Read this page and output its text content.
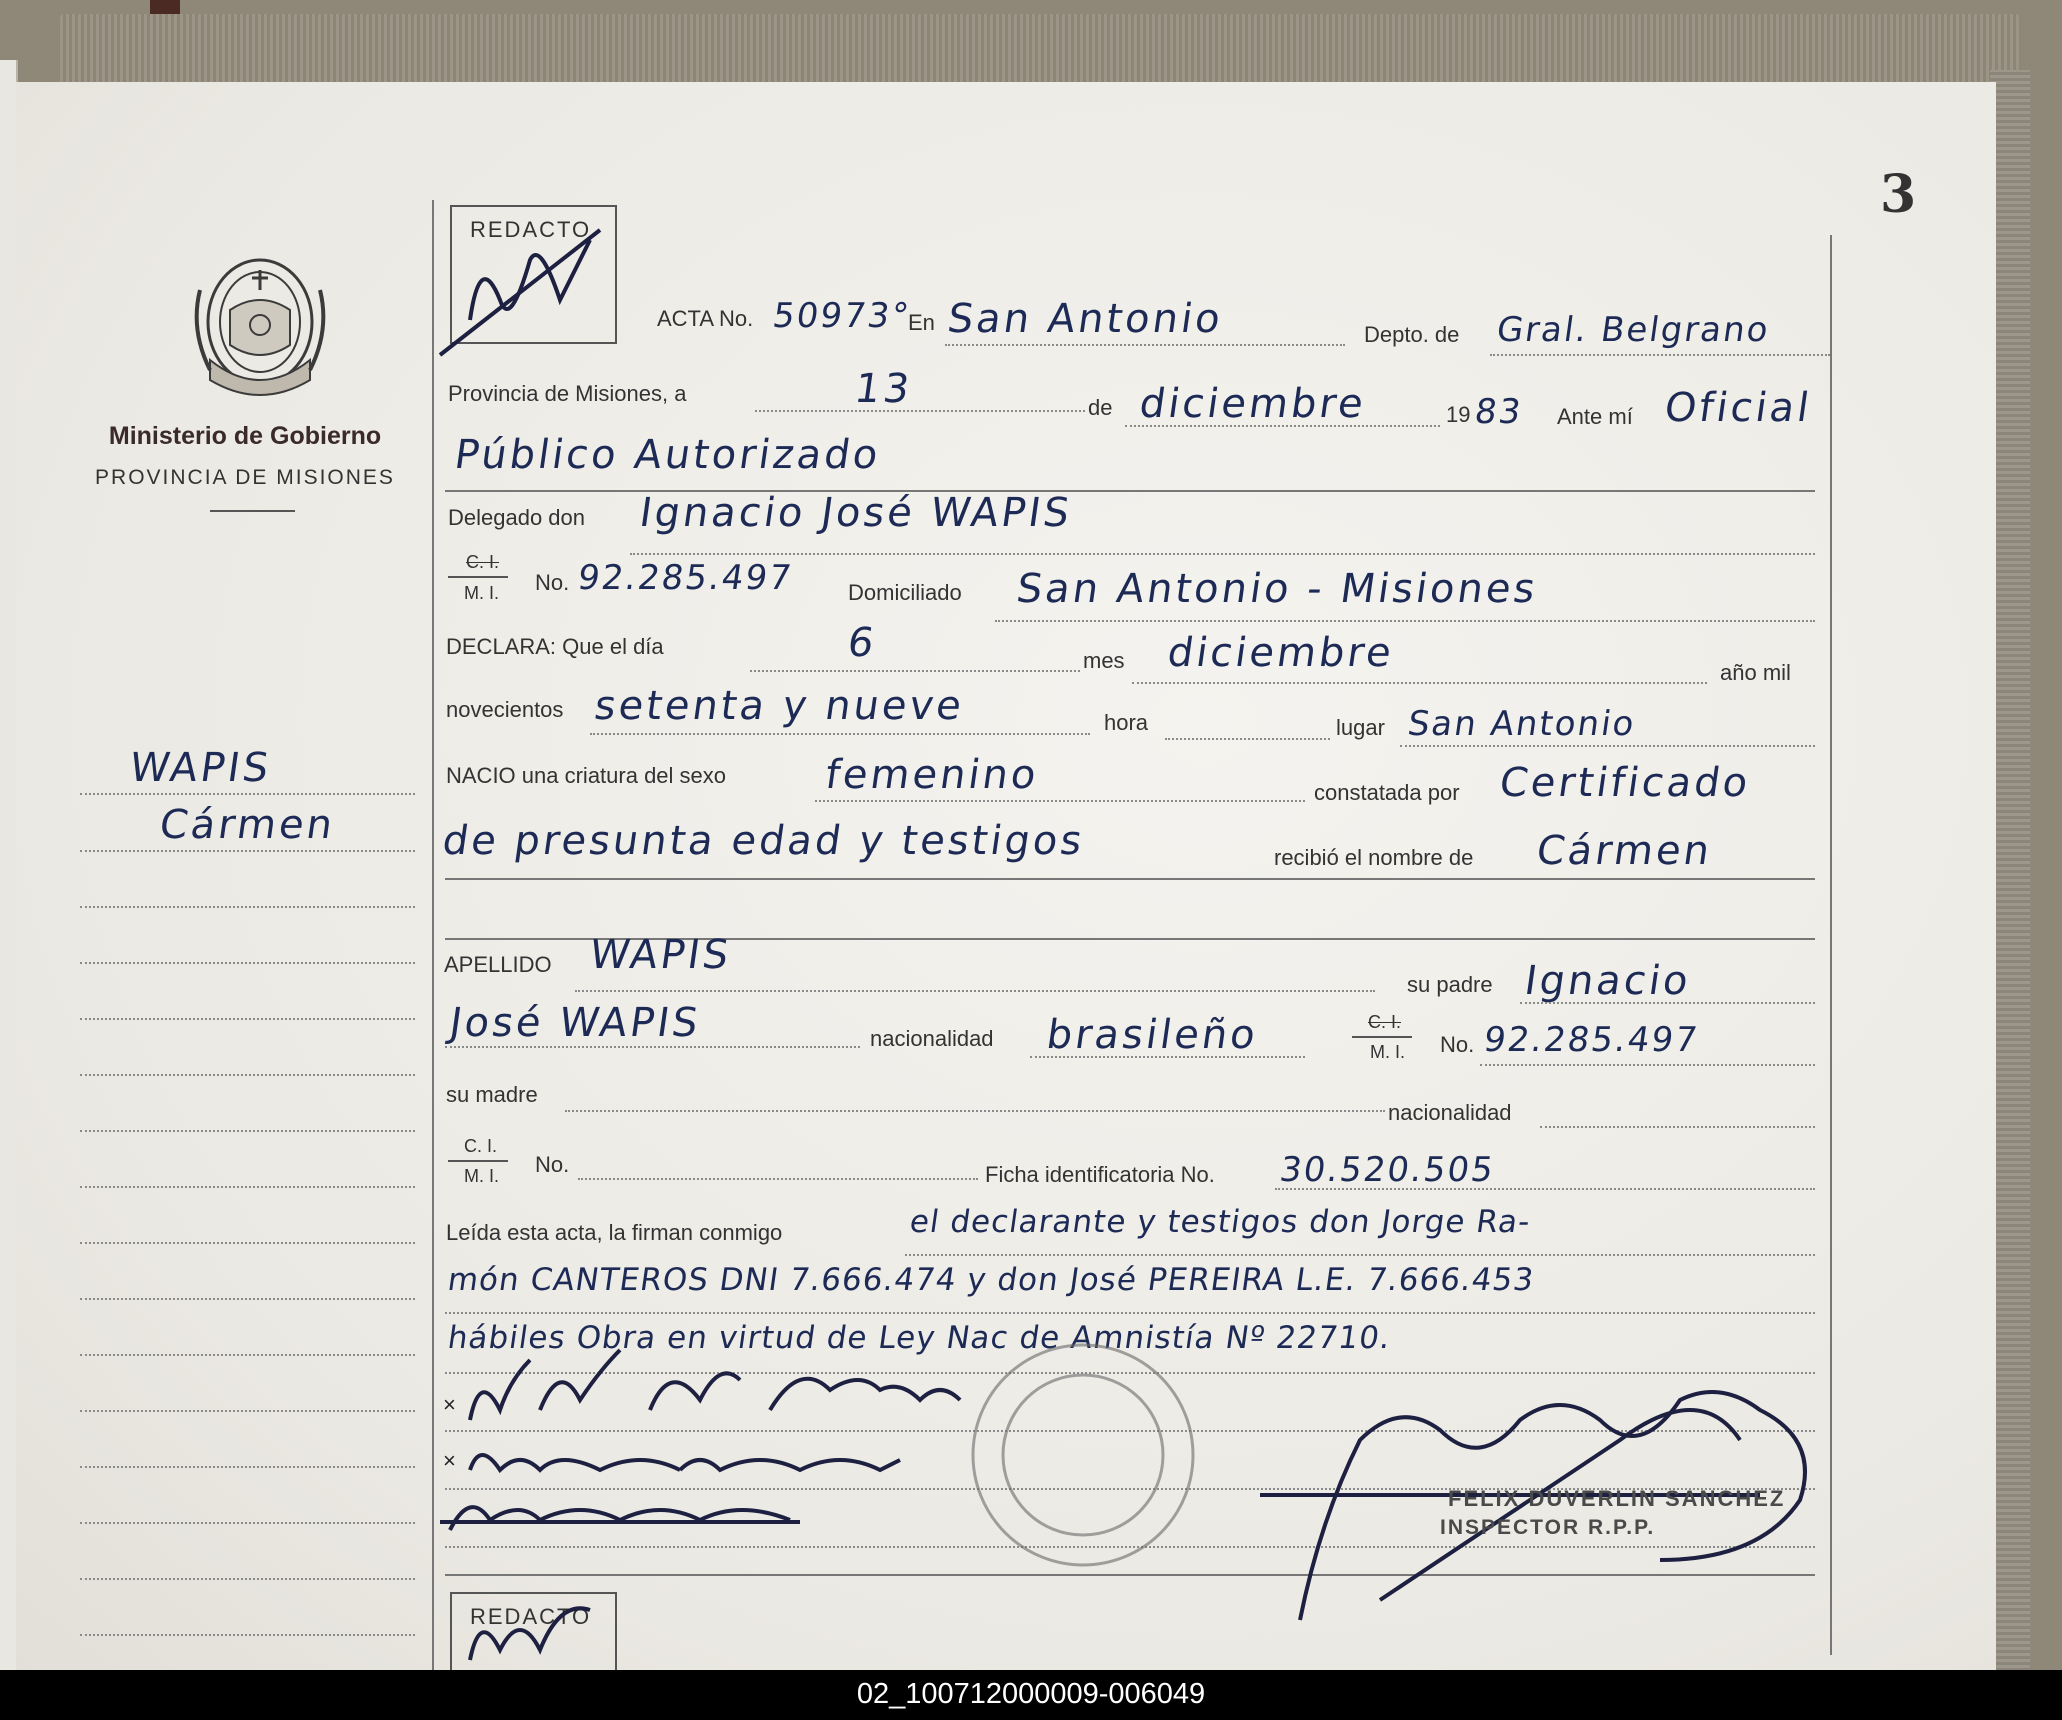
3
Ministerio de Gobierno
PROVINCIA DE MISIONES
WAPIS
Cármen
REDACTO
REDACTO
ACTA No. 50973°
En San Antonio	Depto. de Gral. Belgrano
Provincia de Misiones, a	13	de diciembre	19 83 Ante mí Oficial
Público Autorizado
Delegado don Ignacio José WAPIS
C. I.
M. I. No. 92.285.497 Domiciliado San Antonio - Misiones
DECLARA: Que el día	6	mes diciembre	año mil
novecientos setenta y nueve	hora	lugar San Antonio
NACIO una criatura del sexo femenino	constatada por Certificado
de presunta edad y testigos	recibió el nombre de Cármen
APELLIDO WAPIS
su padre Ignacio
José WAPIS	nacionalidad brasileño	C. I.
M. I. No. 92.285.497
su madre
nacionalidad
C. I.
M. I. No.	Ficha identificatoria No. 30.520.505
Leída esta acta, la firman conmigo	el declarante y testigos don Jorge Ra-
món CANTEROS DNI 7.666.474 y don José PEREIRA L.E. 7.666.453
hábiles Obra en virtud de Ley Nac de Amnistía Nº 22710.
×
×
FELIX DUVERLIN SANCHEZ
INSPECTOR R.P.P.
02_100712000009-006049
